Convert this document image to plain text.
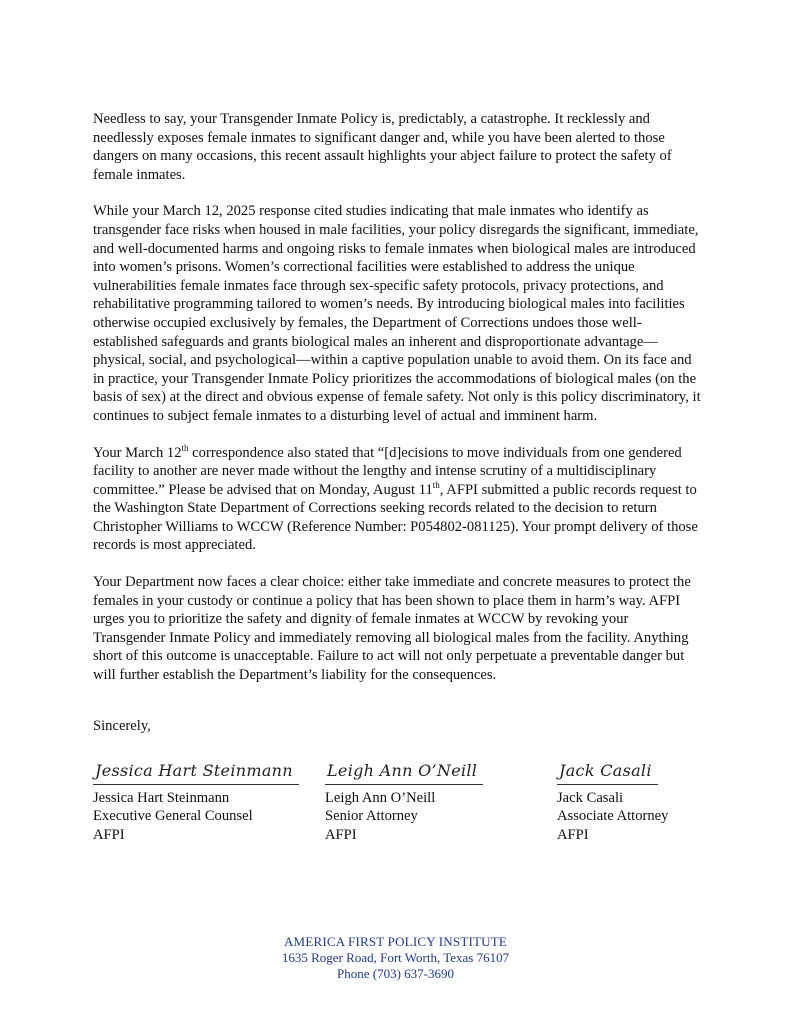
Needless to say, your Transgender Inmate Policy is, predictably, a catastrophe. It recklessly and needlessly exposes female inmates to significant danger and, while you have been alerted to those dangers on many occasions, this recent assault highlights your abject failure to protect the safety of female inmates.

While your March 12, 2025 response cited studies indicating that male inmates who identify as transgender face risks when housed in male facilities, your policy disregards the significant, immediate, and well-documented harms and ongoing risks to female inmates when biological males are introduced into women’s prisons. Women’s correctional facilities were established to address the unique vulnerabilities female inmates face through sex-specific safety protocols, privacy protections, and rehabilitative programming tailored to women’s needs. By introducing biological males into facilities otherwise occupied exclusively by females, the Department of Corrections undoes those well-established safeguards and grants biological males an inherent and disproportionate advantage—physical, social, and psychological—within a captive population unable to avoid them. On its face and in practice, your Transgender Inmate Policy prioritizes the accommodations of biological males (on the basis of sex) at the direct and obvious expense of female safety. Not only is this policy discriminatory, it continues to subject female inmates to a disturbing level of actual and imminent harm.

Your March 12th correspondence also stated that “[d]ecisions to move individuals from one gendered facility to another are never made without the lengthy and intense scrutiny of a multidisciplinary committee.” Please be advised that on Monday, August 11th, AFPI submitted a public records request to the Washington State Department of Corrections seeking records related to the decision to return Christopher Williams to WCCW (Reference Number: P054802-081125). Your prompt delivery of those records is most appreciated.

Your Department now faces a clear choice: either take immediate and concrete measures to protect the females in your custody or continue a policy that has been shown to place them in harm’s way. AFPI urges you to prioritize the safety and dignity of female inmates at WCCW by revoking your Transgender Inmate Policy and immediately removing all biological males from the facility. Anything short of this outcome is unacceptable. Failure to act will not only perpetuate a preventable danger but will further establish the Department’s liability for the consequences.

Sincerely,
Jessica Hart Steinmann
Jessica Hart Steinmann
Executive General Counsel
AFPI
Leigh Ann O’Neill
Leigh Ann O’Neill
Senior Attorney
AFPI
Jack Casali
Jack Casali
Associate Attorney
AFPI
AMERICA FIRST POLICY INSTITUTE
1635 Roger Road, Fort Worth, Texas 76107
Phone (703) 637-3690
